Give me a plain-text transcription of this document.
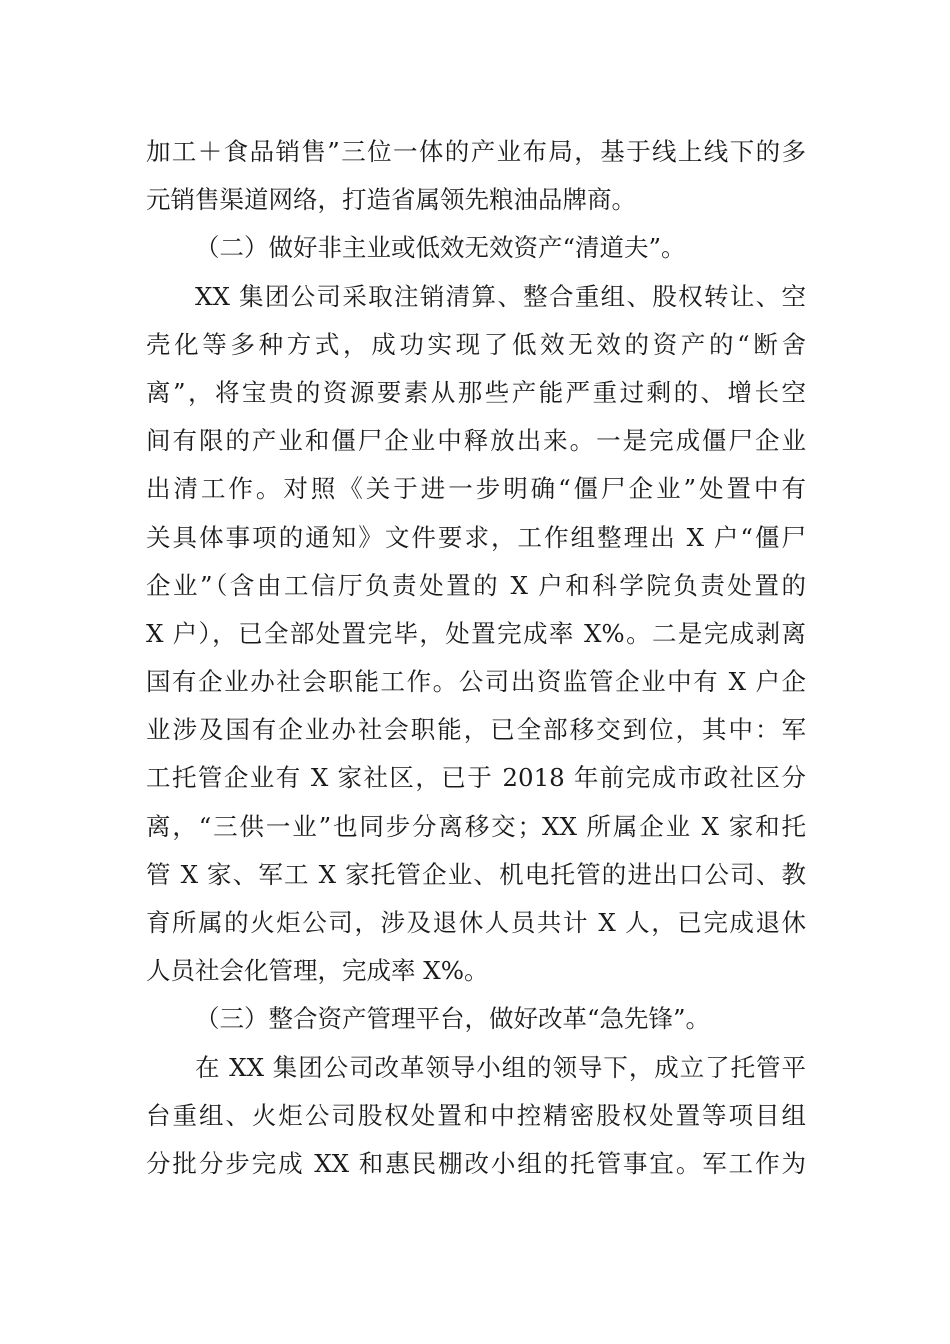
加工＋食品销售”三位一体的产业布局，基于线上线下的多
元销售渠道网络，打造省属领先粮油品牌商。
（二）做好非主业或低效无效资产“清道夫”。
XX 集团公司采取注销清算、整合重组、股权转让、空
壳化等多种方式，成功实现了低效无效的资产的“断舍
离”，将宝贵的资源要素从那些产能严重过剩的、增长空
间有限的产业和僵尸企业中释放出来。一是完成僵尸企业
出清工作。对照《关于进一步明确“僵尸企业”处置中有
关具体事项的通知》文件要求，工作组整理出 X 户“僵尸
企业”（含由工信厅负责处置的 X 户和科学院负责处置的
X 户），已全部处置完毕，处置完成率 X%。二是完成剥离
国有企业办社会职能工作。公司出资监管企业中有 X 户企
业涉及国有企业办社会职能，已全部移交到位，其中：军
工托管企业有 X 家社区，已于 2018 年前完成市政社区分
离，“三供一业”也同步分离移交；XX 所属企业 X 家和托
管 X 家、军工 X 家托管企业、机电托管的进出口公司、教
育所属的火炬公司，涉及退休人员共计 X 人，已完成退休
人员社会化管理，完成率 X%。
（三）整合资产管理平台，做好改革“急先锋”。
在 XX 集团公司改革领导小组的领导下，成立了托管平
台重组、火炬公司股权处置和中控精密股权处置等项目组
分批分步完成 XX 和惠民棚改小组的托管事宜。军工作为
